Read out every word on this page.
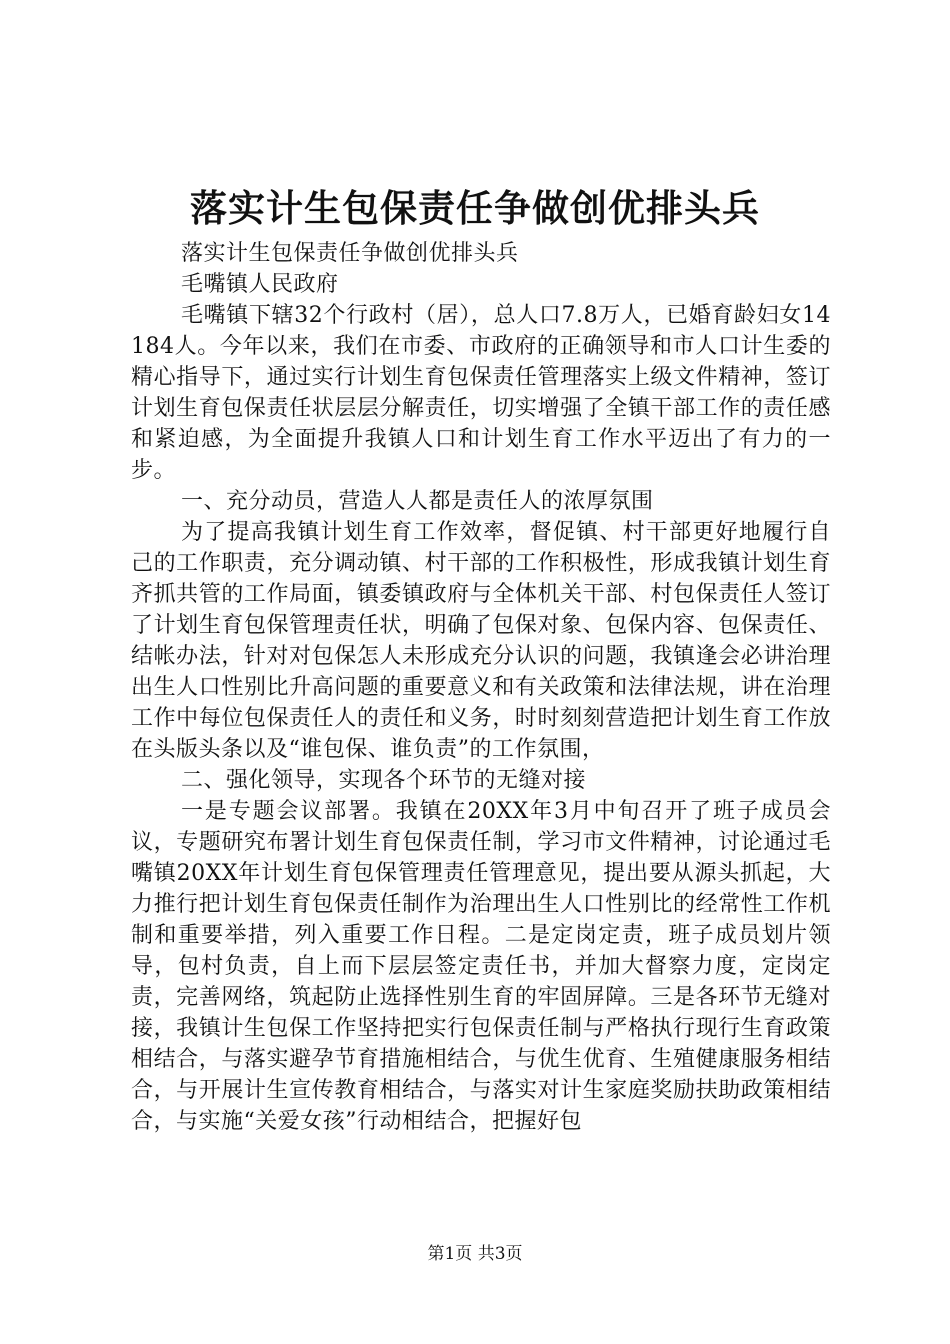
落实计生包保责任争做创优排头兵

落实计生包保责任争做创优排头兵

毛嘴镇人民政府

毛嘴镇下辖32个行政村（居），总人口7.8万人，已婚育龄妇女14184人。今年以来，我们在市委、市政府的正确领导和市人口计生委的精心指导下，通过实行计划生育包保责任管理落实上级文件精神，签订计划生育包保责任状层层分解责任，切实增强了全镇干部工作的责任感和紧迫感，为全面提升我镇人口和计划生育工作水平迈出了有力的一步。

一、充分动员，营造人人都是责任人的浓厚氛围

为了提高我镇计划生育工作效率，督促镇、村干部更好地履行自己的工作职责，充分调动镇、村干部的工作积极性，形成我镇计划生育齐抓共管的工作局面，镇委镇政府与全体机关干部、村包保责任人签订了计划生育包保管理责任状，明确了包保对象、包保内容、包保责任、结帐办法，针对对包保怎人未形成充分认识的问题，我镇逢会必讲治理出生人口性别比升高问题的重要意义和有关政策和法律法规，讲在治理工作中每位包保责任人的责任和义务，时时刻刻营造把计划生育工作放在头版头条以及“谁包保、谁负责”的工作氛围，

二、强化领导，实现各个环节的无缝对接

一是专题会议部署。我镇在20XX年3月中旬召开了班子成员会议，专题研究布署计划生育包保责任制，学习市文件精神，讨论通过毛嘴镇20XX年计划生育包保管理责任管理意见，提出要从源头抓起，大力推行把计划生育包保责任制作为治理出生人口性别比的经常性工作机制和重要举措，列入重要工作日程。二是定岗定责，班子成员划片领导，包村负责，自上而下层层签定责任书，并加大督察力度，定岗定责，完善网络，筑起防止选择性别生育的牢固屏障。三是各环节无缝对接，我镇计生包保工作坚持把实行包保责任制与严格执行现行生育政策相结合，与落实避孕节育措施相结合，与优生优育、生殖健康服务相结合，与开展计生宣传教育相结合，与落实对计生家庭奖励扶助政策相结合，与实施“关爱女孩”行动相结合，把握好包

第1页 共3页
